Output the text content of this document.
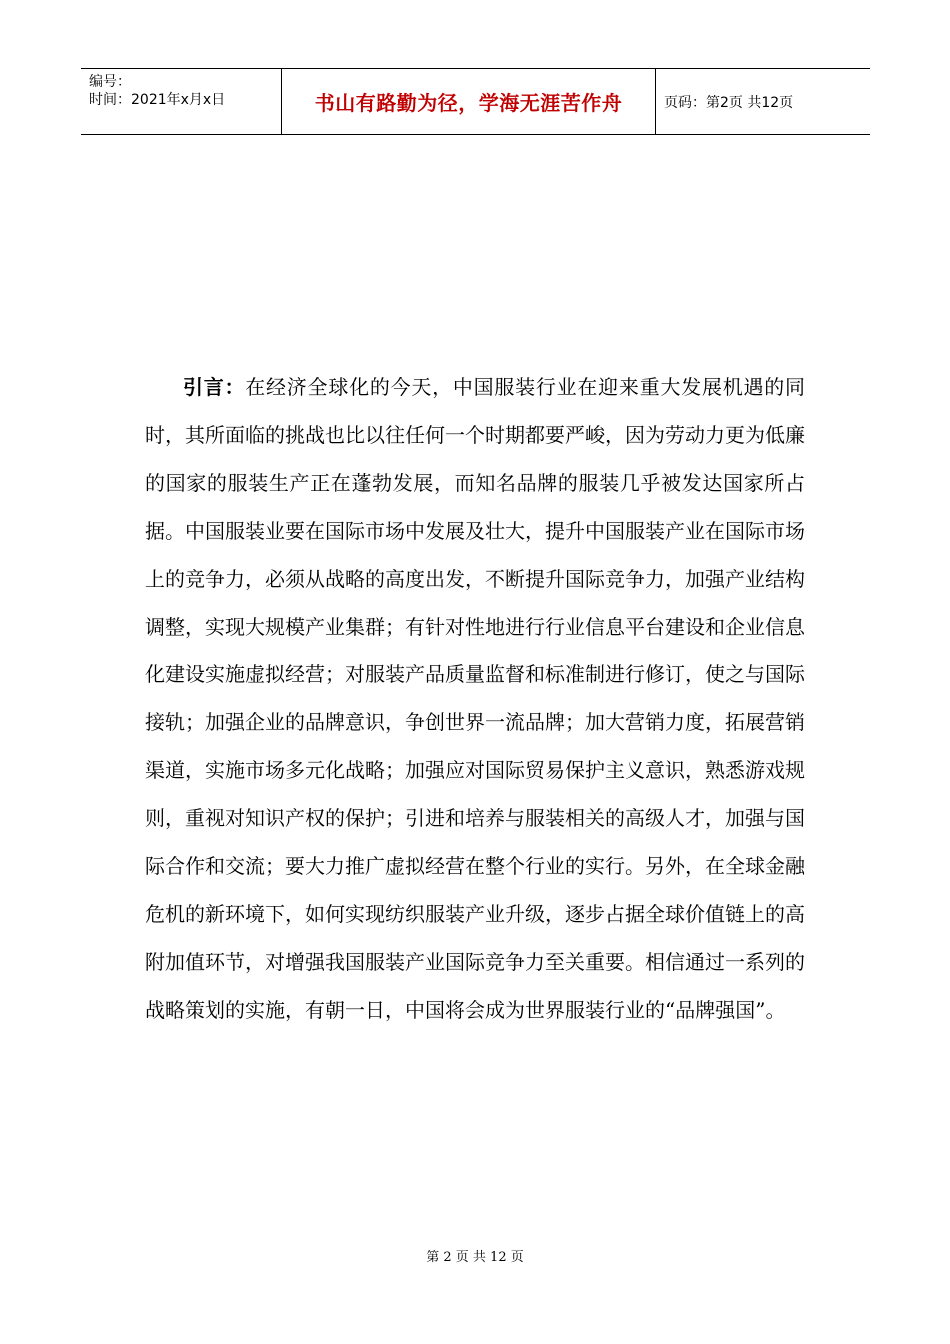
编号：
时间：2021年x月x日	书山有路勤为径，学海无涯苦作舟	页码：第2页 共12页

引言：在经济全球化的今天，中国服装行业在迎来重大发展机遇的同时，其所面临的挑战也比以往任何一个时期都要严峻，因为劳动力更为低廉的国家的服装生产正在蓬勃发展，而知名品牌的服装几乎被发达国家所占据。中国服装业要在国际市场中发展及壮大，提升中国服装产业在国际市场上的竞争力，必须从战略的高度出发，不断提升国际竞争力，加强产业结构调整，实现大规模产业集群；有针对性地进行行业信息平台建设和企业信息化建设实施虚拟经营；对服装产品质量监督和标准制进行修订，使之与国际接轨；加强企业的品牌意识，争创世界一流品牌；加大营销力度，拓展营销渠道，实施市场多元化战略；加强应对国际贸易保护主义意识，熟悉游戏规则，重视对知识产权的保护；引进和培养与服装相关的高级人才，加强与国际合作和交流；要大力推广虚拟经营在整个行业的实行。另外，在全球金融危机的新环境下，如何实现纺织服装产业升级，逐步占据全球价值链上的高附加值环节，对增强我国服装产业国际竞争力至关重要。相信通过一系列的战略策划的实施，有朝一日，中国将会成为世界服装行业的“品牌强国”。

第 2 页 共 12 页
